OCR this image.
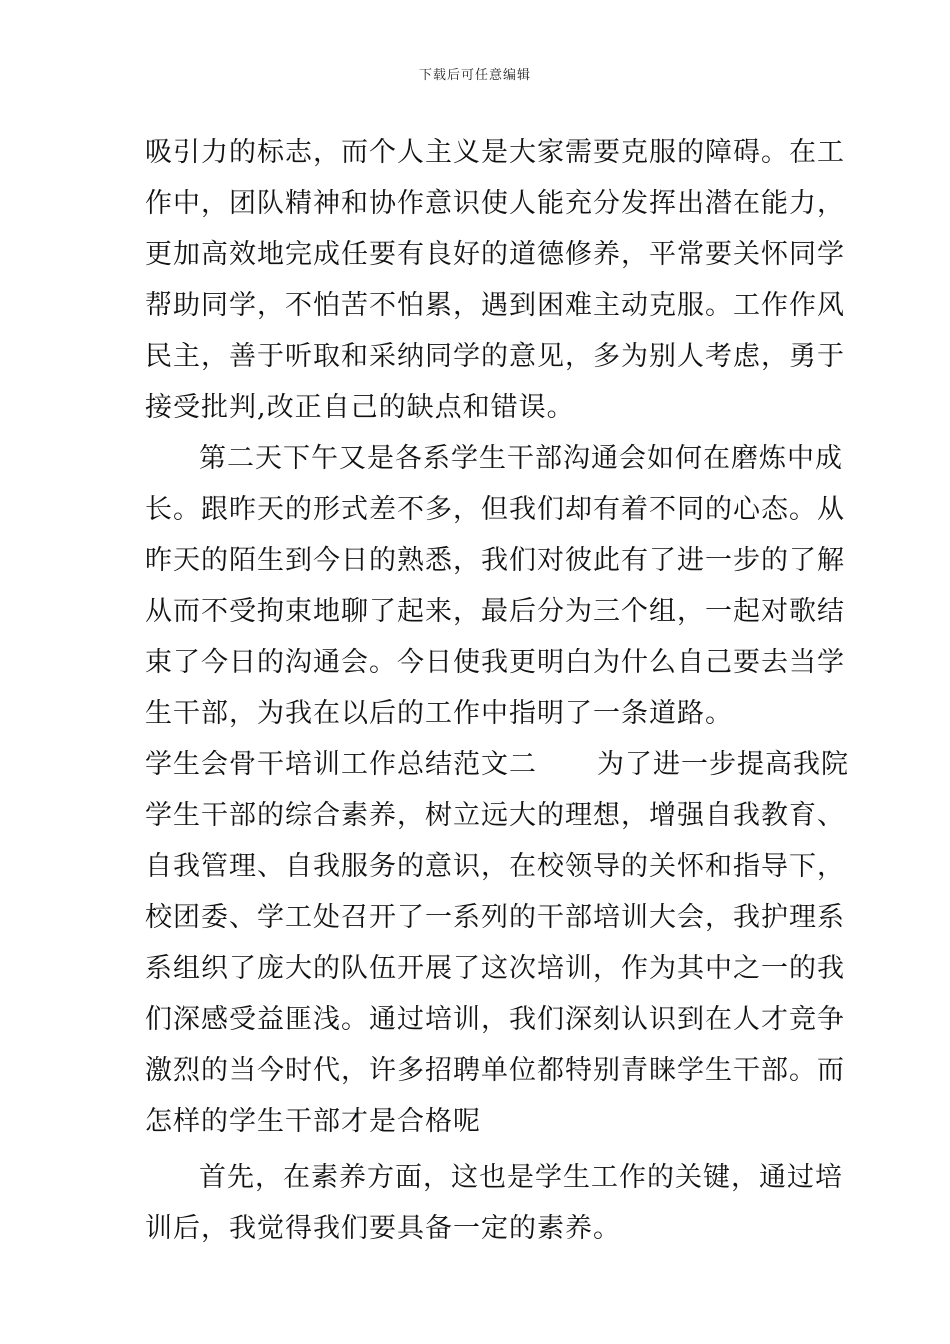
下载后可任意编辑
吸引力的标志，而个人主义是大家需要克服的障碍。在工
作中，团队精神和协作意识使人能充分发挥出潜在能力，
更加高效地完成任要有良好的道德修养，平常要关怀同学
帮助同学，不怕苦不怕累，遇到困难主动克服。工作作风
民主，善于听取和采纳同学的意见，多为别人考虑，勇于
接受批判,改正自己的缺点和错误。
第二天下午又是各系学生干部沟通会如何在磨炼中成
长。跟昨天的形式差不多，但我们却有着不同的心态。从
昨天的陌生到今日的熟悉，我们对彼此有了进一步的了解
从而不受拘束地聊了起来，最后分为三个组，一起对歌结
束了今日的沟通会。今日使我更明白为什么自己要去当学
生干部，为我在以后的工作中指明了一条道路。
学生会骨干培训工作总结范文二 为了进一步提高我院
学生干部的综合素养，树立远大的理想，增强自我教育、
自我管理、自我服务的意识，在校领导的关怀和指导下，
校团委、学工处召开了一系列的干部培训大会，我护理系
系组织了庞大的队伍开展了这次培训，作为其中之一的我
们深感受益匪浅。通过培训，我们深刻认识到在人才竞争
激烈的当今时代，许多招聘单位都特别青睐学生干部。而
怎样的学生干部才是合格呢
首先，在素养方面，这也是学生工作的关键，通过培
训后，我觉得我们要具备一定的素养。
